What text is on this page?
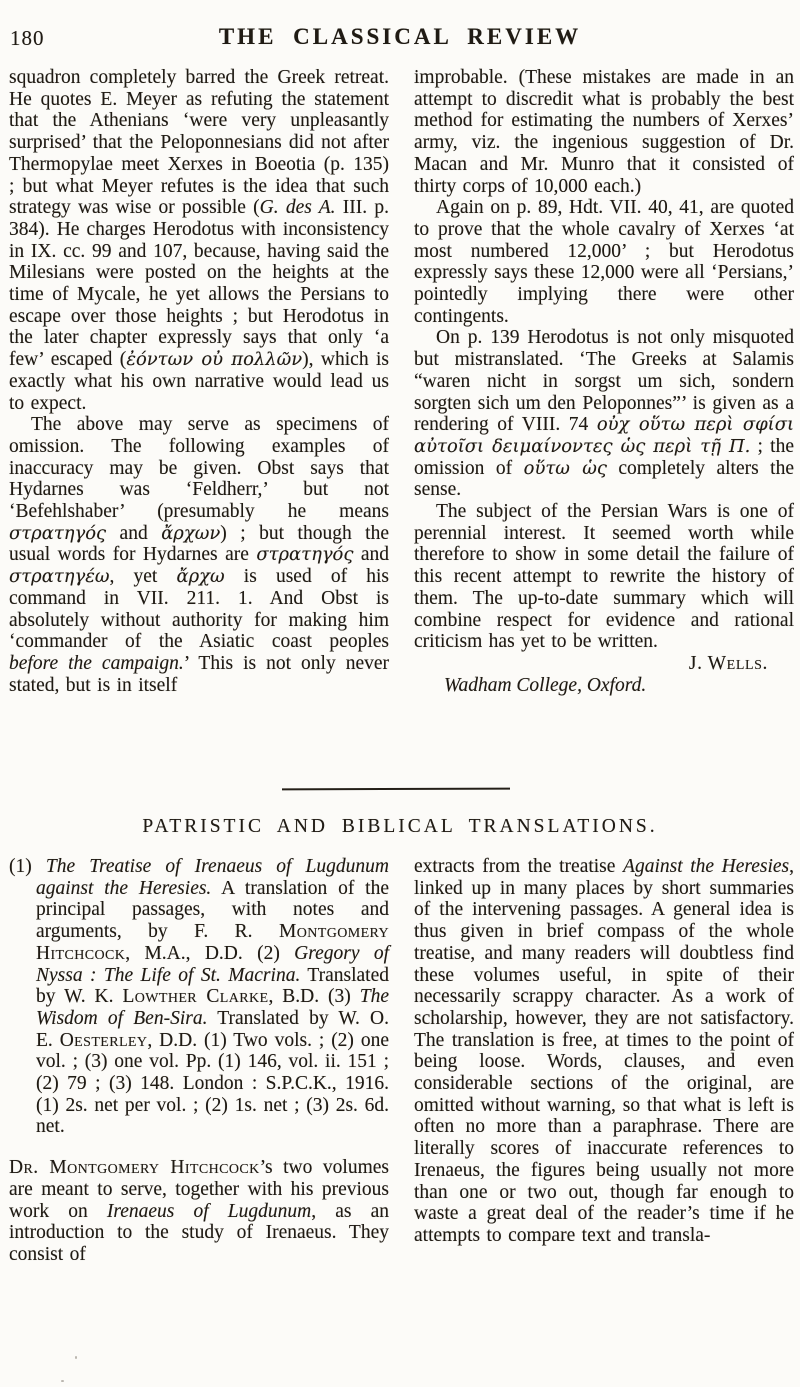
180	THE CLASSICAL REVIEW

squadron completely barred the Greek retreat. He quotes E. Meyer as refuting the statement that the Athenians ‘were very unpleasantly surprised’ that the Peloponnesians did not after Thermopylae meet Xerxes in Boeotia (p. 135) ; but what Meyer refutes is the idea that such strategy was wise or possible (G. des A. III. p. 384). He charges Herodotus with inconsistency in IX. cc. 99 and 107, because, having said the Milesians were posted on the heights at the time of Mycale, he yet allows the Persians to escape over those heights ; but Herodotus in the later chapter expressly says that only ‘a few’ escaped (ἐόντων οὐ πολλῶν), which is exactly what his own narrative would lead us to expect.

The above may serve as specimens of omission. The following examples of inaccuracy may be given. Obst says that Hydarnes was ‘Feldherr,’ but not ‘Befehlshaber’ (presumably he means στρατηγός and ἄρχων) ; but though the usual words for Hydarnes are στρατηγός and στρατηγέω, yet ἄρχω is used of his command in VII. 211. 1. And Obst is absolutely without authority for making him ‘commander of the Asiatic coast peoples before the campaign.’ This is not only never stated, but is in itself

improbable. (These mistakes are made in an attempt to discredit what is probably the best method for estimating the numbers of Xerxes’ army, viz. the ingenious suggestion of Dr. Macan and Mr. Munro that it consisted of thirty corps of 10,000 each.)

Again on p. 89, Hdt. VII. 40, 41, are quoted to prove that the whole cavalry of Xerxes ‘at most numbered 12,000’ ; but Herodotus expressly says these 12,000 were all ‘Persians,’ pointedly implying there were other contingents.

On p. 139 Herodotus is not only misquoted but mistranslated. ‘The Greeks at Salamis “waren nicht in sorgst um sich, sondern sorgten sich um den Peloponnes”’ is given as a rendering of VIII. 74 οὐχ οὕτω περὶ σφίσι αὐτοῖσι δειμαίνοντες ὡς περὶ τῇ Π. ; the omission of οὕτω ὡς completely alters the sense.

The subject of the Persian Wars is one of perennial interest. It seemed worth while therefore to show in some detail the failure of this recent attempt to rewrite the history of them. The up-to-date summary which will combine respect for evidence and rational criticism has yet to be written.

J. Wells.

Wadham College, Oxford.

PATRISTIC AND BIBLICAL TRANSLATIONS.

(1) The Treatise of Irenaeus of Lugdunum against the Heresies. A translation of the principal passages, with notes and arguments, by F. R. Montgomery Hitchcock, M.A., D.D. (2) Gregory of Nyssa : The Life of St. Macrina. Translated by W. K. Lowther Clarke, B.D. (3) The Wisdom of Ben-Sira. Translated by W. O. E. Oesterley, D.D. (1) Two vols. ; (2) one vol. ; (3) one vol. Pp. (1) 146, vol. ii. 151 ; (2) 79 ; (3) 148. London : S.P.C.K., 1916. (1) 2s. net per vol. ; (2) 1s. net ; (3) 2s. 6d. net.

Dr. Montgomery Hitchcock’s two volumes are meant to serve, together with his previous work on Irenaeus of Lugdunum, as an introduction to the study of Irenaeus. They consist of

extracts from the treatise Against the Heresies, linked up in many places by short summaries of the intervening passages. A general idea is thus given in brief compass of the whole treatise, and many readers will doubtless find these volumes useful, in spite of their necessarily scrappy character. As a work of scholarship, however, they are not satisfactory. The translation is free, at times to the point of being loose. Words, clauses, and even considerable sections of the original, are omitted without warning, so that what is left is often no more than a paraphrase. There are literally scores of inaccurate references to Irenaeus, the figures being usually not more than one or two out, though far enough to waste a great deal of the reader’s time if he attempts to compare text and transla-
